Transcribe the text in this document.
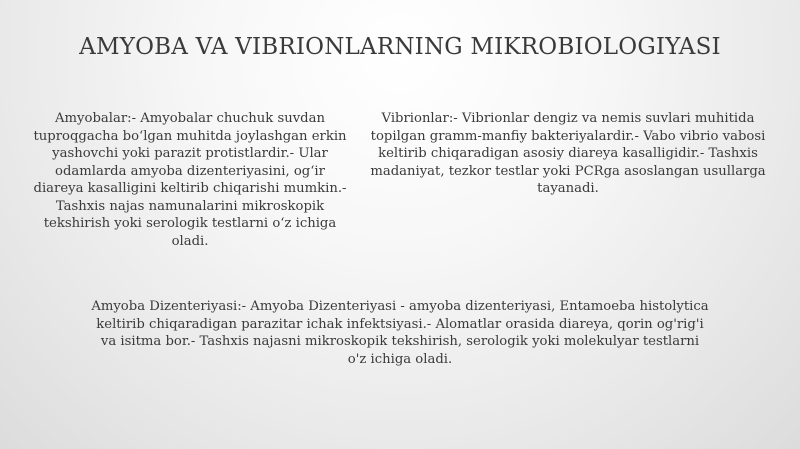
AMYOBA VA VIBRIONLARNING MIKROBIOLOGIYASI
Amyobalar:- Amyobalar chuchuk suvdan tuproqgacha bo‘lgan muhitda joylashgan erkin yashovchi yoki parazit protistlardir.- Ular odamlarda amyoba dizenteriyasini, og‘ir diareya kasalligini keltirib chiqarishi mumkin.- Tashxis najas namunalarini mikroskopik tekshirish yoki serologik testlarni o‘z ichiga oladi.
Vibrionlar:- Vibrionlar dengiz va nemis suvlari muhitida topilgan gramm-manfiy bakteriyalardir.- Vabo vibrio vabosi keltirib chiqaradigan asosiy diareya kasalligidir.- Tashxis madaniyat, tezkor testlar yoki PCRga asoslangan usullarga tayanadi.
Amyoba Dizenteriyasi:- Amyoba Dizenteriyasi - amyoba dizenteriyasi, Entamoeba histolytica keltirib chiqaradigan parazitar ichak infektsiyasi.- Alomatlar orasida diareya, qorin og'rig'i va isitma bor.- Tashxis najasni mikroskopik tekshirish, serologik yoki molekulyar testlarni o'z ichiga oladi.
